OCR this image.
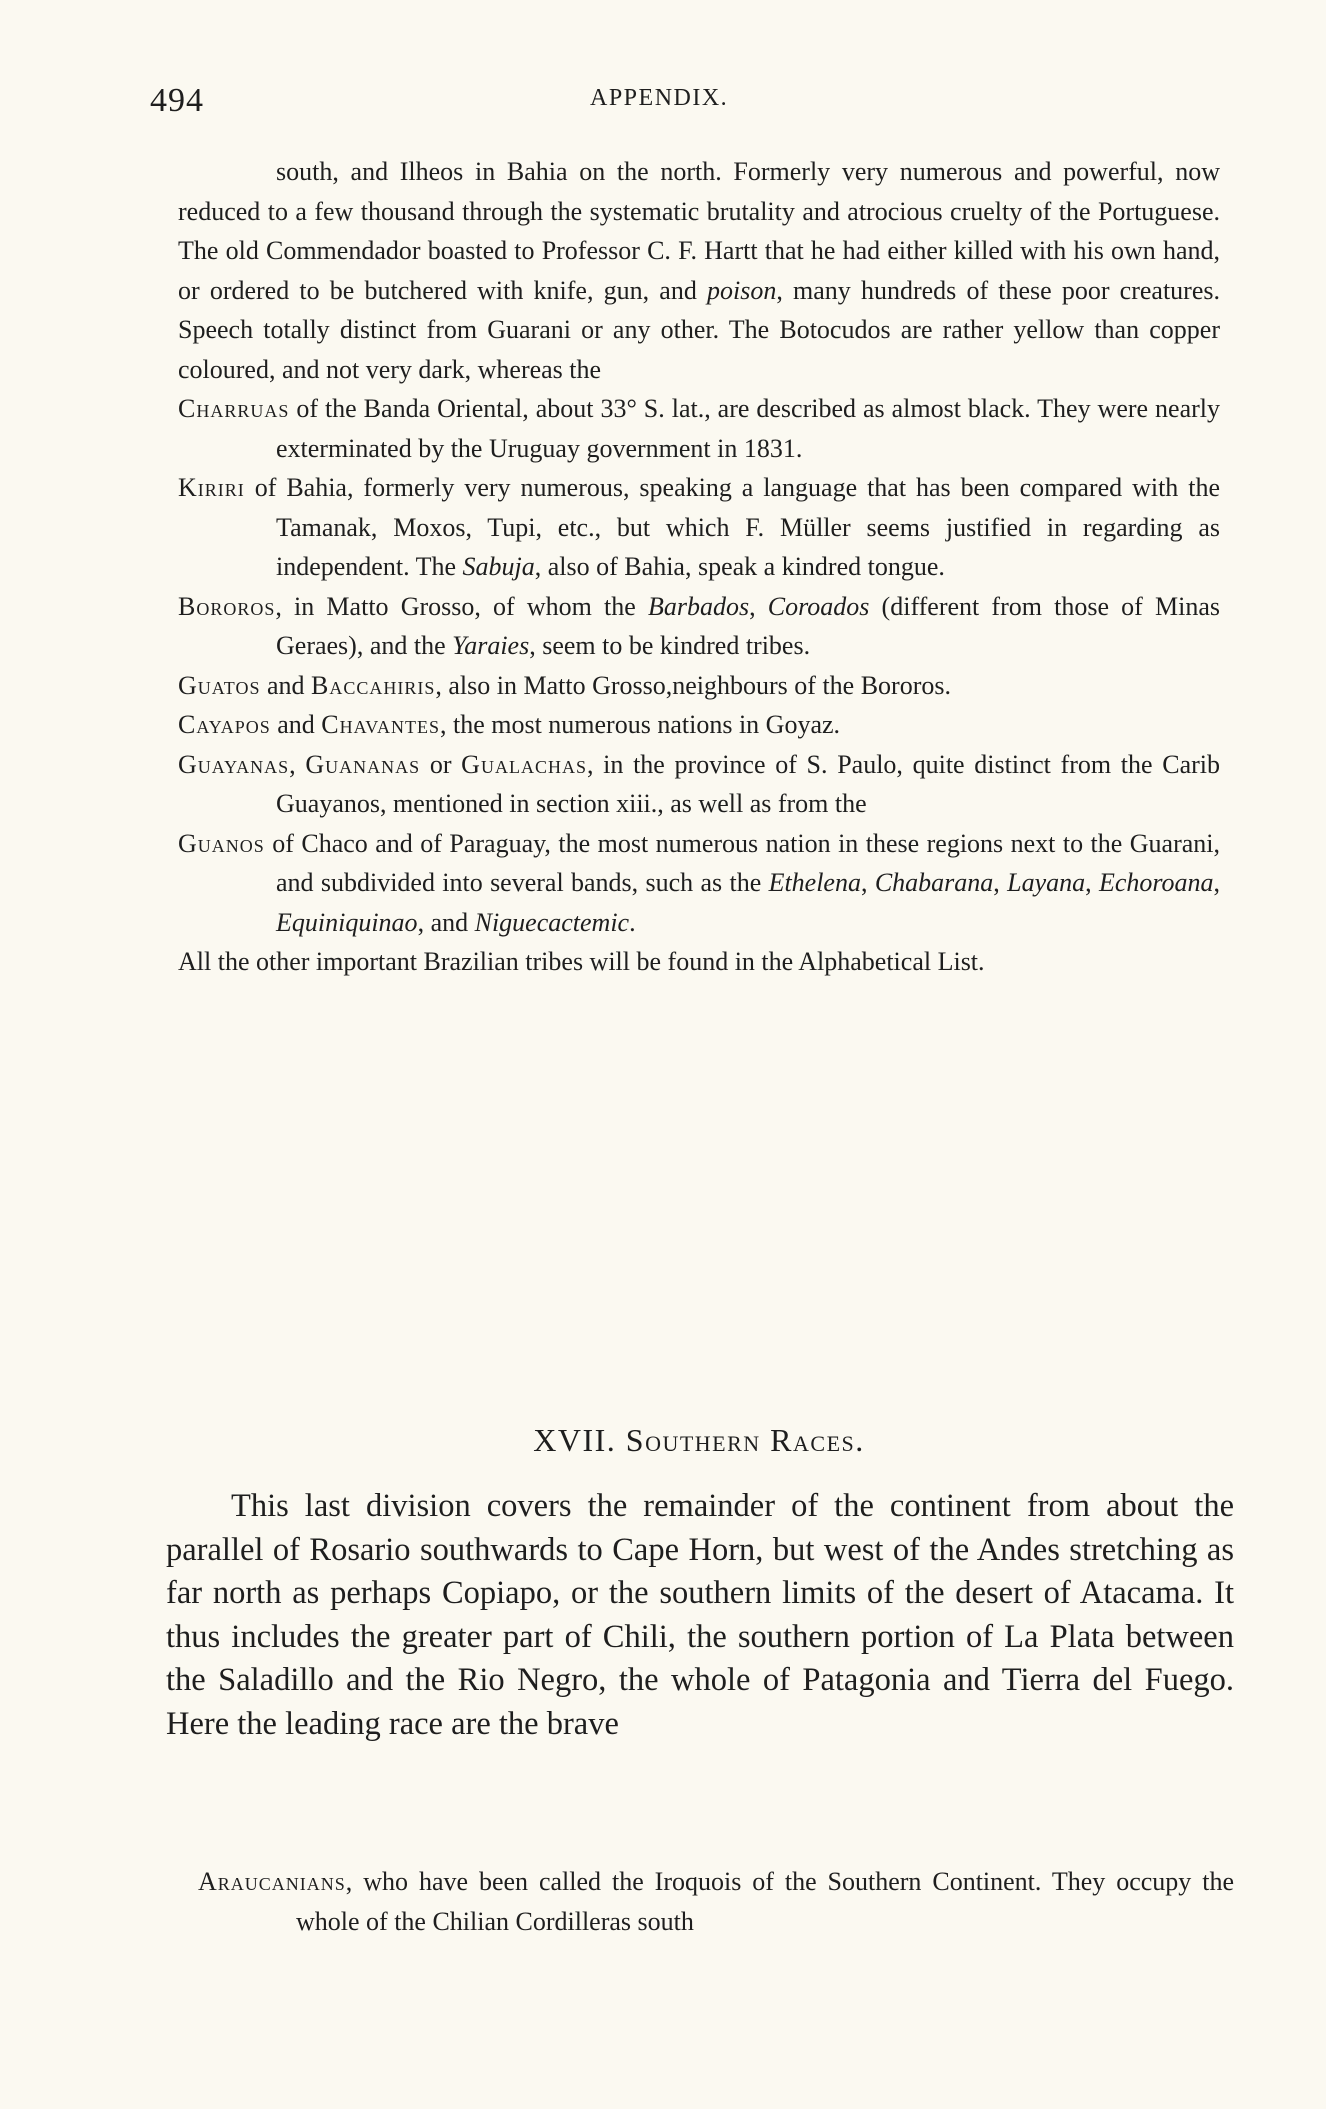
494	APPENDIX.
south, and Ilheos in Bahia on the north. Formerly very numerous and powerful, now reduced to a few thousand through the systematic brutality and atrocious cruelty of the Portuguese. The old Commendador boasted to Professor C. F. Hartt that he had either killed with his own hand, or ordered to be butchered with knife, gun, and poison, many hundreds of these poor creatures. Speech totally distinct from Guarani or any other. The Botocudos are rather yellow than copper coloured, and not very dark, whereas the
Charruas of the Banda Oriental, about 33° S. lat., are described as almost black. They were nearly exterminated by the Uruguay government in 1831.
Kiriri of Bahia, formerly very numerous, speaking a language that has been compared with the Tamanak, Moxos, Tupi, etc., but which F. Müller seems justified in regarding as independent. The Sabuja, also of Bahia, speak a kindred tongue.
Bororos, in Matto Grosso, of whom the Barbados, Coroados (different from those of Minas Geraes), and the Yaraies, seem to be kindred tribes.
Guatos and Baccahiris, also in Matto Grosso,neighbours of the Bororos.
Cayapos and Chavantes, the most numerous nations in Goyaz.
Guayanas, Guananas or Gualachas, in the province of S. Paulo, quite distinct from the Carib Guayanos, mentioned in section xiii., as well as from the
Guanos of Chaco and of Paraguay, the most numerous nation in these regions next to the Guarani, and subdivided into several bands, such as the Ethelena, Chabarana, Layana, Echoroana, Equiniquinao, and Niguecactemic.
All the other important Brazilian tribes will be found in the Alphabetical List.
XVII. Southern Races.
This last division covers the remainder of the continent from about the parallel of Rosario southwards to Cape Horn, but west of the Andes stretching as far north as perhaps Copiapo, or the southern limits of the desert of Atacama. It thus includes the greater part of Chili, the southern portion of La Plata between the Saladillo and the Rio Negro, the whole of Patagonia and Tierra del Fuego. Here the leading race are the brave
Araucanians, who have been called the Iroquois of the Southern Continent. They occupy the whole of the Chilian Cordilleras south
